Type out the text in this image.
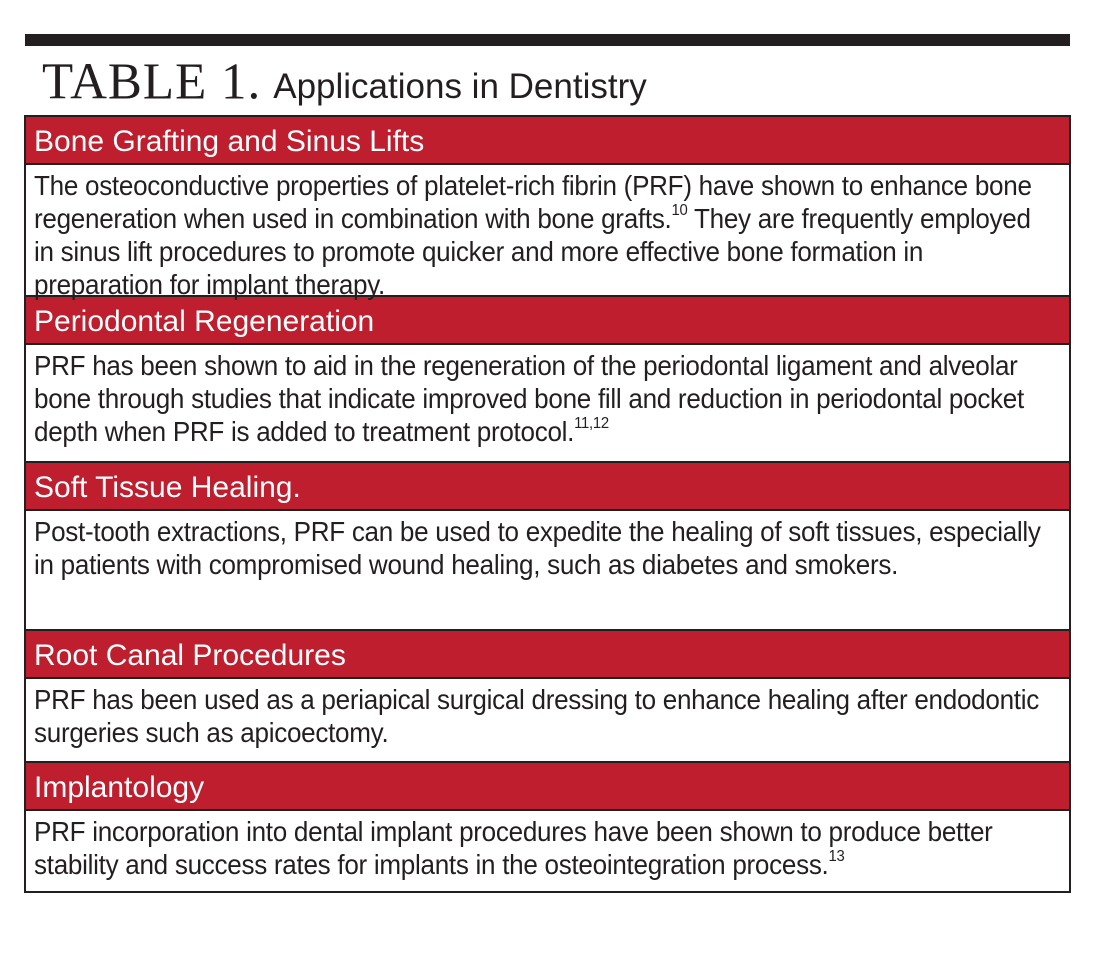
TABLE 1. Applications in Dentistry
Bone Grafting and Sinus Lifts
The osteoconductive properties of platelet-rich fibrin (PRF) have shown to enhance bone regeneration when used in combination with bone grafts.$^{10}$ They are frequently employed in sinus lift procedures to promote quicker and more effective bone formation in preparation for implant therapy.
Periodontal Regeneration
PRF has been shown to aid in the regeneration of the periodontal ligament and alveolar bone through studies that indicate improved bone fill and reduction in periodontal pocket depth when PRF is added to treatment protocol.$^{11,12}$
Soft Tissue Healing.
Post-tooth extractions, PRF can be used to expedite the healing of soft tissues, especially in patients with compromised wound healing, such as diabetes and smokers.
Root Canal Procedures
PRF has been used as a periapical surgical dressing to enhance healing after endodontic surgeries such as apicoectomy.
Implantology
PRF incorporation into dental implant procedures have been shown to produce better stability and success rates for implants in the osteointegration process.$^{13}$
